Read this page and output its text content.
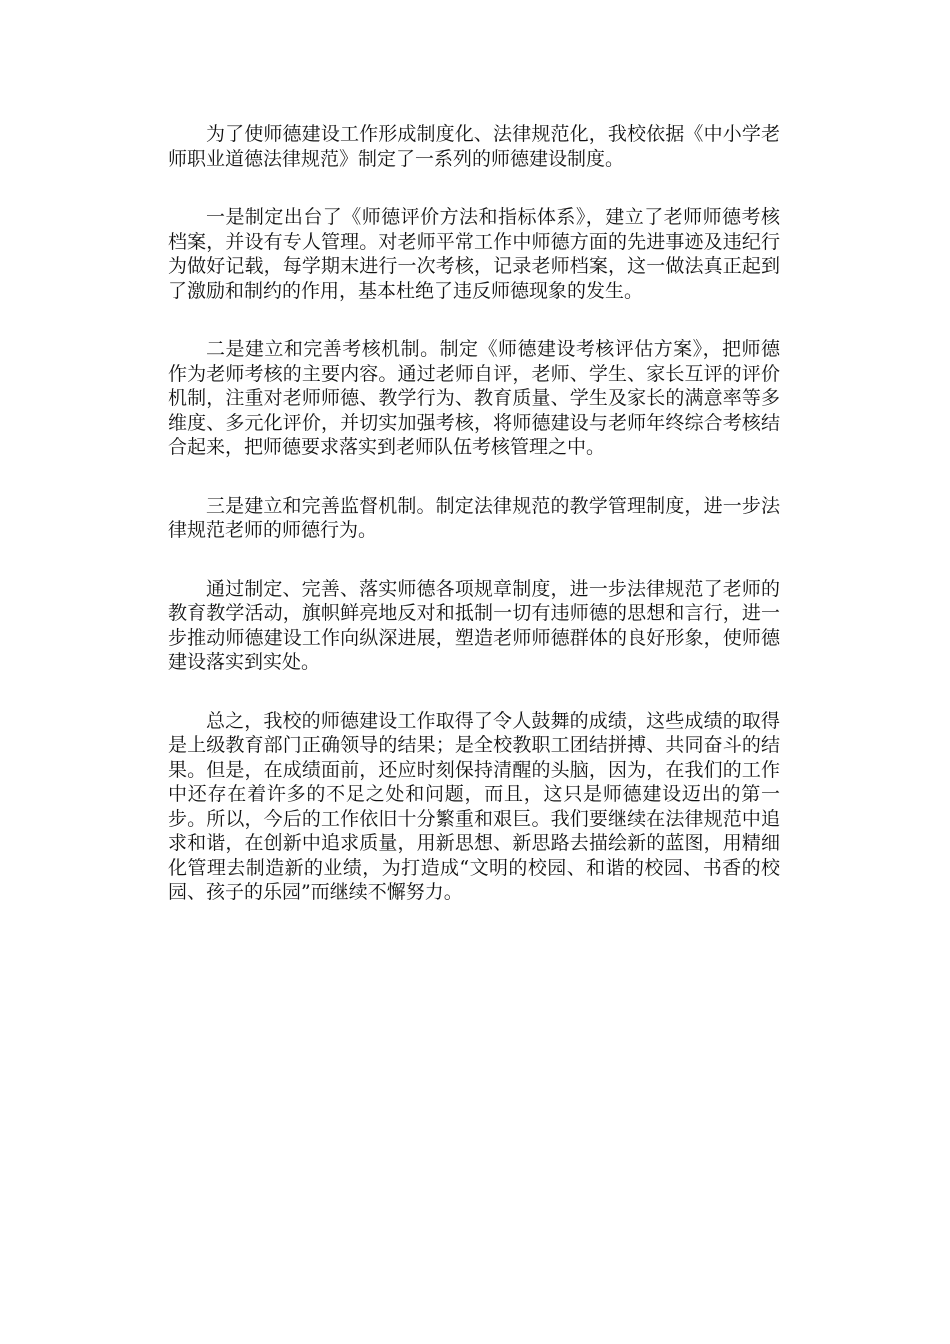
为了使师德建设工作形成制度化、法律规范化，我校依据《中小学老师职业道德法律规范》制定了一系列的师德建设制度。

一是制定出台了《师德评价方法和指标体系》，建立了老师师德考核档案，并设有专人管理。对老师平常工作中师德方面的先进事迹及违纪行为做好记载，每学期末进行一次考核，记录老师档案，这一做法真正起到了激励和制约的作用，基本杜绝了违反师德现象的发生。

二是建立和完善考核机制。制定《师德建设考核评估方案》，把师德作为老师考核的主要内容。通过老师自评，老师、学生、家长互评的评价机制，注重对老师师德、教学行为、教育质量、学生及家长的满意率等多维度、多元化评价，并切实加强考核，将师德建设与老师年终综合考核结合起来，把师德要求落实到老师队伍考核管理之中。

三是建立和完善监督机制。制定法律规范的教学管理制度，进一步法律规范老师的师德行为。

通过制定、完善、落实师德各项规章制度，进一步法律规范了老师的教育教学活动，旗帜鲜亮地反对和抵制一切有违师德的思想和言行，进一步推动师德建设工作向纵深进展，塑造老师师德群体的良好形象，使师德建设落实到实处。

总之，我校的师德建设工作取得了令人鼓舞的成绩，这些成绩的取得是上级教育部门正确领导的结果；是全校教职工团结拼搏、共同奋斗的结果。但是，在成绩面前，还应时刻保持清醒的头脑，因为，在我们的工作中还存在着许多的不足之处和问题，而且，这只是师德建设迈出的第一步。所以，今后的工作依旧十分繁重和艰巨。我们要继续在法律规范中追求和谐，在创新中追求质量，用新思想、新思路去描绘新的蓝图，用精细化管理去制造新的业绩，为打造成“文明的校园、和谐的校园、书香的校园、孩子的乐园”而继续不懈努力。
